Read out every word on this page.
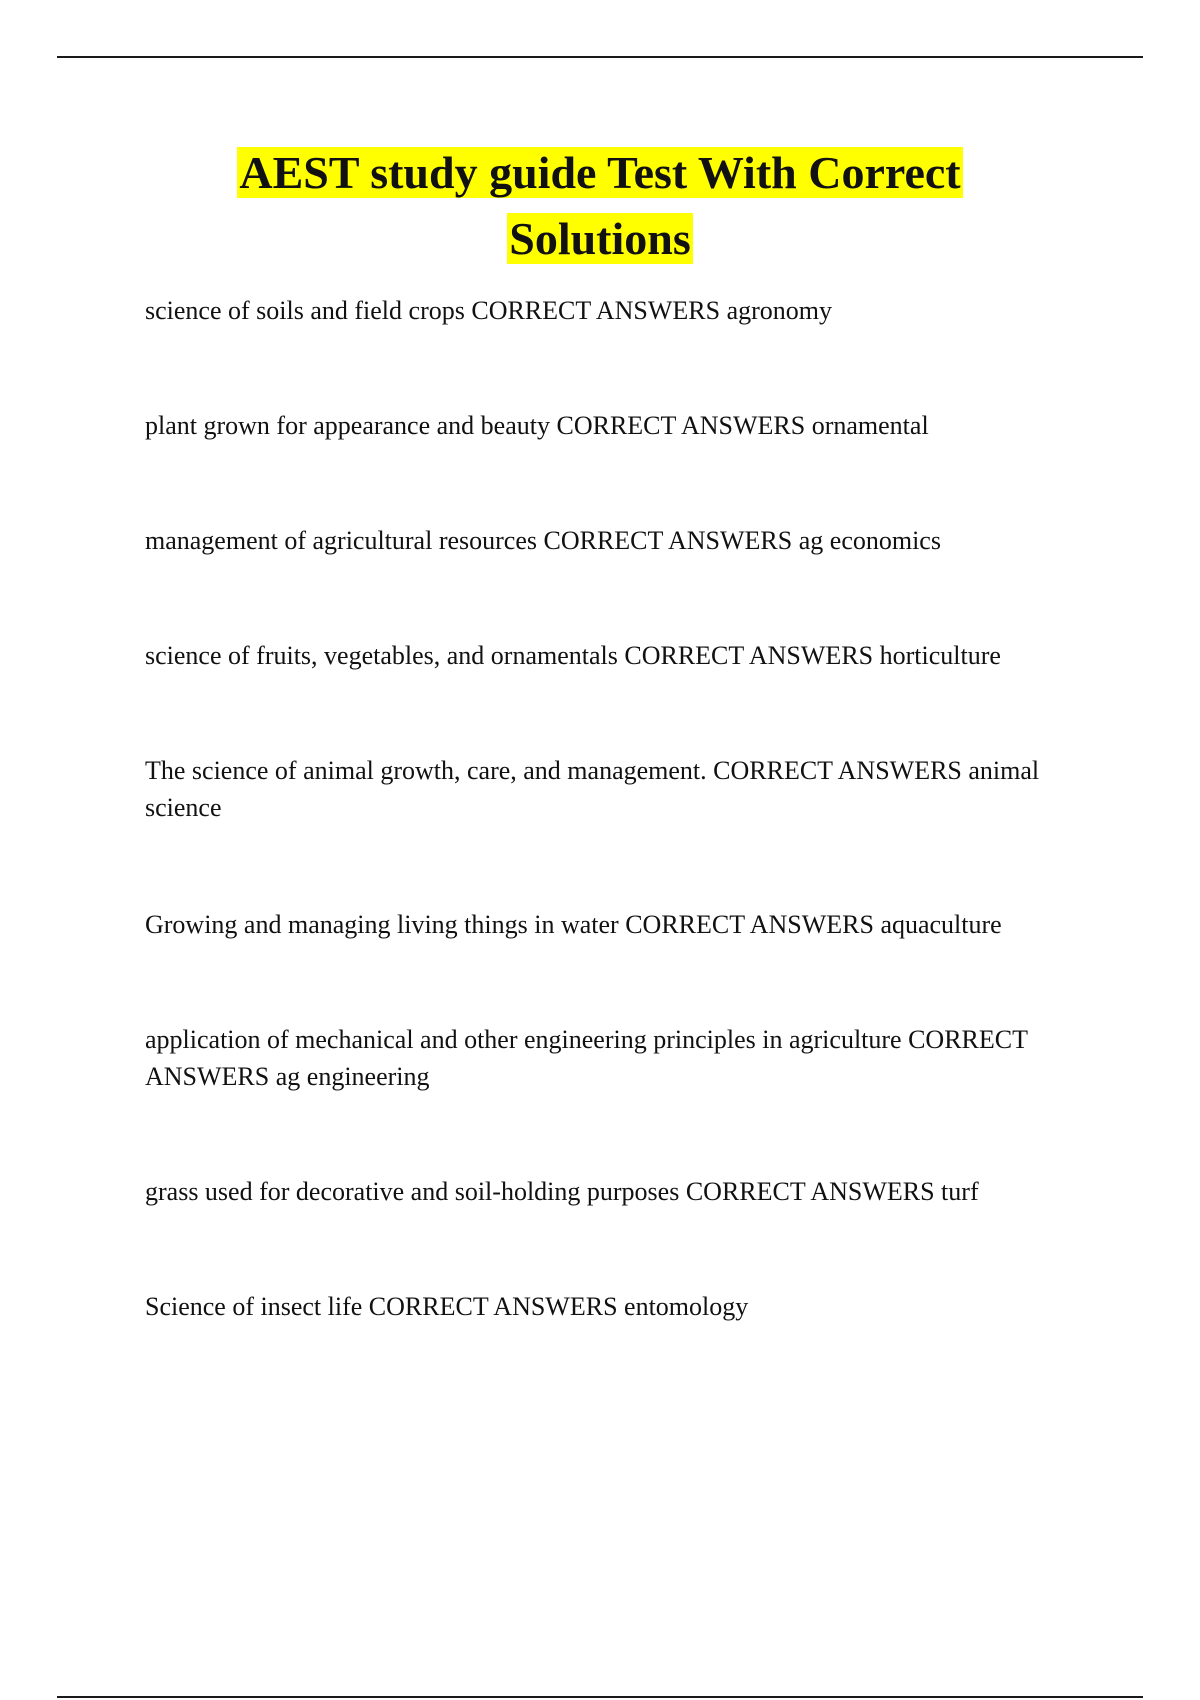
AEST study guide Test With Correct
Solutions

science of soils and field crops CORRECT ANSWERS agronomy

plant grown for appearance and beauty CORRECT ANSWERS ornamental

management of agricultural resources CORRECT ANSWERS ag economics

science of fruits, vegetables, and ornamentals CORRECT ANSWERS horticulture

The science of animal growth, care, and management. CORRECT ANSWERS animal science

Growing and managing living things in water CORRECT ANSWERS aquaculture

application of mechanical and other engineering principles in agriculture CORRECT ANSWERS ag engineering

grass used for decorative and soil-holding purposes CORRECT ANSWERS turf

Science of insect life CORRECT ANSWERS entomology
